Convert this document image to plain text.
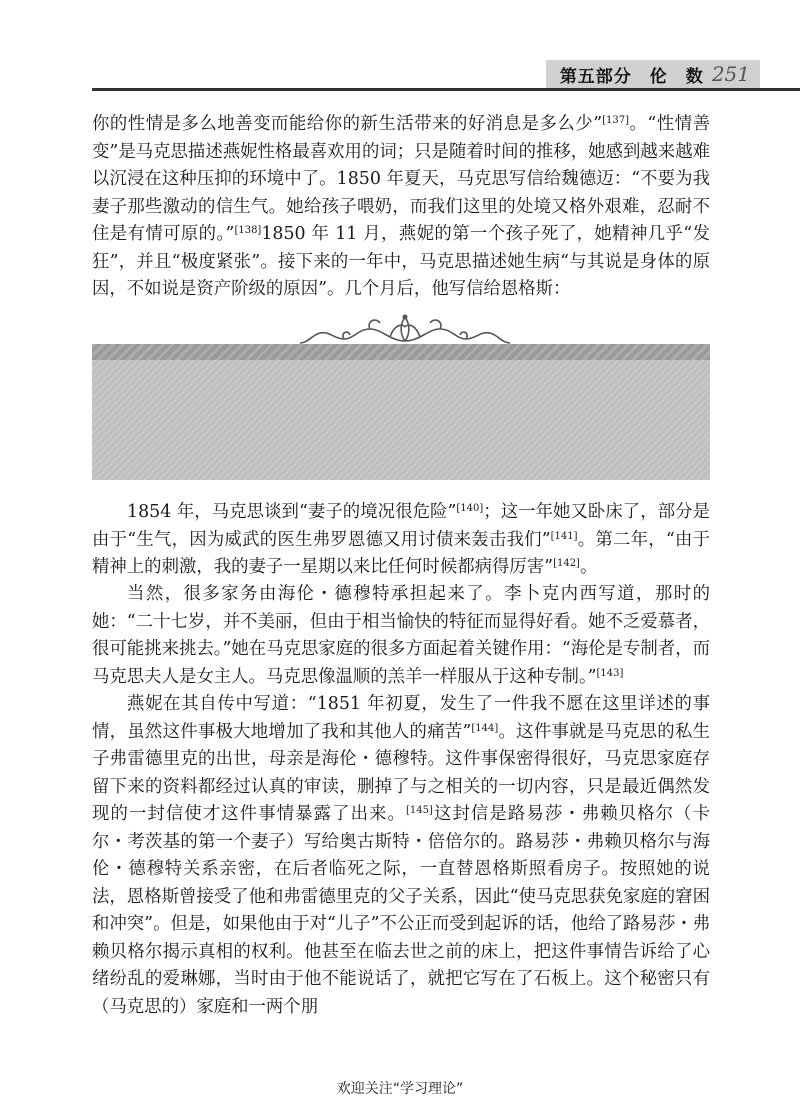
第五部分　伦　数 251

你的性情是多么地善变而能给你的新生活带来的好消息是多么少”[137]。“性情善变”是马克思描述燕妮性格最喜欢用的词；只是随着时间的推移，她感到越来越难以沉浸在这种压抑的环境中了。1850 年夏天，马克思写信给魏德迈：“不要为我妻子那些激动的信生气。她给孩子喂奶，而我们这里的处境又格外艰难，忍耐不住是有情可原的。”[138]1850 年 11 月，燕妮的第一个孩子死了，她精神几乎“发狂”，并且“极度紧张”。接下来的一年中，马克思描述她生病“与其说是身体的原因，不如说是资产阶级的原因”。几个月后，他写信给恩格斯：

1854 年，马克思谈到“妻子的境况很危险”[140]；这一年她又卧床了，部分是由于“生气，因为威武的医生弗罗恩德又用讨债来轰击我们”[141]。第二年，“由于精神上的刺激，我的妻子一星期以来比任何时候都病得厉害”[142]。

当然，很多家务由海伦・德穆特承担起来了。李卜克内西写道，那时的她：“二十七岁，并不美丽，但由于相当愉快的特征而显得好看。她不乏爱慕者，很可能挑来挑去。”她在马克思家庭的很多方面起着关键作用：“海伦是专制者，而马克思夫人是女主人。马克思像温顺的羔羊一样服从于这种专制。”[143]

燕妮在其自传中写道：“1851 年初夏，发生了一件我不愿在这里详述的事情，虽然这件事极大地增加了我和其他人的痛苦”[144]。这件事就是马克思的私生子弗雷德里克的出世，母亲是海伦・德穆特。这件事保密得很好，马克思家庭存留下来的资料都经过认真的审读，删掉了与之相关的一切内容，只是最近偶然发现的一封信使才这件事情暴露了出来。[145]这封信是路易莎・弗赖贝格尔（卡尔・考茨基的第一个妻子）写给奥古斯特・倍倍尔的。路易莎・弗赖贝格尔与海伦・德穆特关系亲密，在后者临死之际，一直替恩格斯照看房子。按照她的说法，恩格斯曾接受了他和弗雷德里克的父子关系，因此“使马克思获免家庭的窘困和冲突”。但是，如果他由于对“儿子”不公正而受到起诉的话，他给了路易莎・弗赖贝格尔揭示真相的权利。他甚至在临去世之前的床上，把这件事情告诉给了心绪纷乱的爱琳娜，当时由于他不能说话了，就把它写在了石板上。这个秘密只有（马克思的）家庭和一两个朋

欢迎关注“学习理论”
